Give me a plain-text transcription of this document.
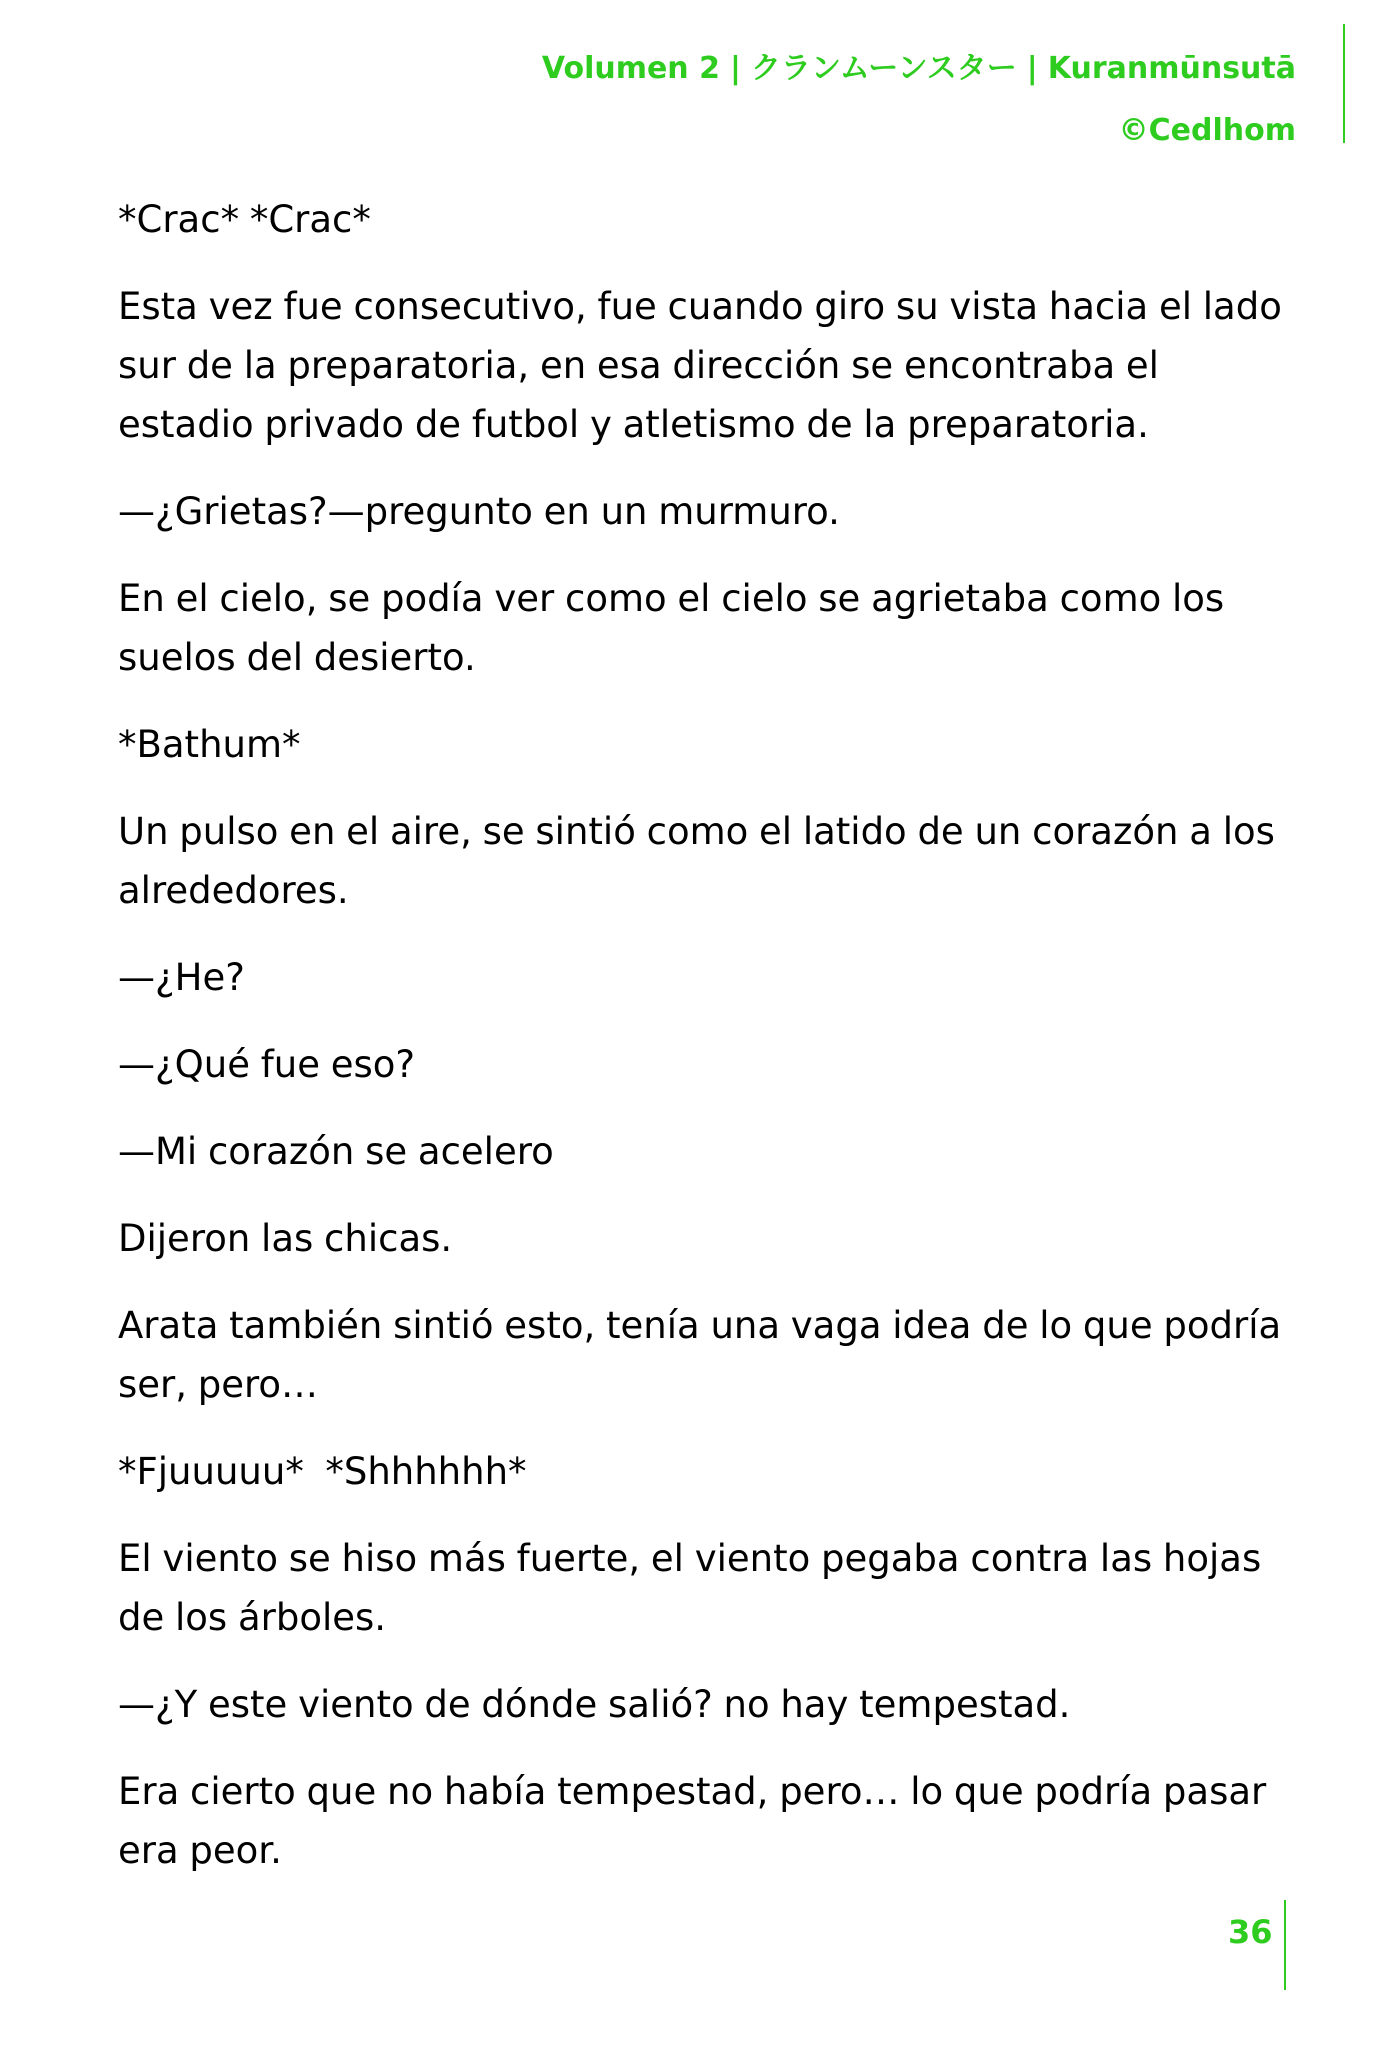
Volumen 2 | クランムーンスター | Kuranmūnsutā
©Cedlhom

*Crac* *Crac*

Esta vez fue consecutivo, fue cuando giro su vista hacia el lado sur de la preparatoria, en esa dirección se encontraba el estadio privado de futbol y atletismo de la preparatoria.

—¿Grietas?—pregunto en un murmuro.

En el cielo, se podía ver como el cielo se agrietaba como los suelos del desierto.

*Bathum*

Un pulso en el aire, se sintió como el latido de un corazón a los alrededores.

—¿He?

—¿Qué fue eso?

—Mi corazón se acelero

Dijeron las chicas.

Arata también sintió esto, tenía una vaga idea de lo que podría ser, pero…

*Fjuuuuu*  *Shhhhhh*

El viento se hiso más fuerte, el viento pegaba contra las hojas de los árboles.

—¿Y este viento de dónde salió? no hay tempestad.

Era cierto que no había tempestad, pero… lo que podría pasar era peor.

36
